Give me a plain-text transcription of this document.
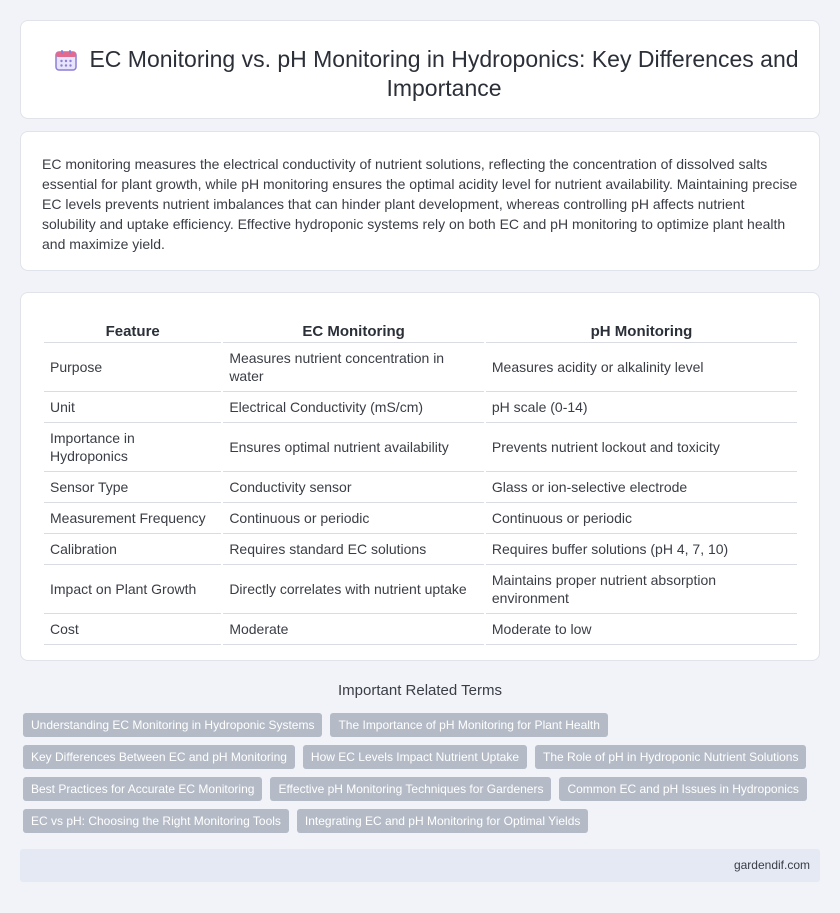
EC Monitoring vs. pH Monitoring in Hydroponics: Key Differences and Importance

EC monitoring measures the electrical conductivity of nutrient solutions, reflecting the concentration of dissolved salts essential for plant growth, while pH monitoring ensures the optimal acidity level for nutrient availability. Maintaining precise EC levels prevents nutrient imbalances that can hinder plant development, whereas controlling pH affects nutrient solubility and uptake efficiency. Effective hydroponic systems rely on both EC and pH monitoring to optimize plant health and maximize yield.

Feature	EC Monitoring	pH Monitoring
Purpose	Measures nutrient concentration in water	Measures acidity or alkalinity level
Unit	Electrical Conductivity (mS/cm)	pH scale (0-14)
Importance in Hydroponics	Ensures optimal nutrient availability	Prevents nutrient lockout and toxicity
Sensor Type	Conductivity sensor	Glass or ion-selective electrode
Measurement Frequency	Continuous or periodic	Continuous or periodic
Calibration	Requires standard EC solutions	Requires buffer solutions (pH 4, 7, 10)
Impact on Plant Growth	Directly correlates with nutrient uptake	Maintains proper nutrient absorption environment
Cost	Moderate	Moderate to low
Important Related Terms
Understanding EC Monitoring in Hydroponic Systems	The Importance of pH Monitoring for Plant Health
Key Differences Between EC and pH Monitoring	How EC Levels Impact Nutrient Uptake	The Role of pH in Hydroponic Nutrient Solutions
Best Practices for Accurate EC Monitoring	Effective pH Monitoring Techniques for Gardeners	Common EC and pH Issues in Hydroponics
EC vs pH: Choosing the Right Monitoring Tools	Integrating EC and pH Monitoring for Optimal Yields
gardendif.com
